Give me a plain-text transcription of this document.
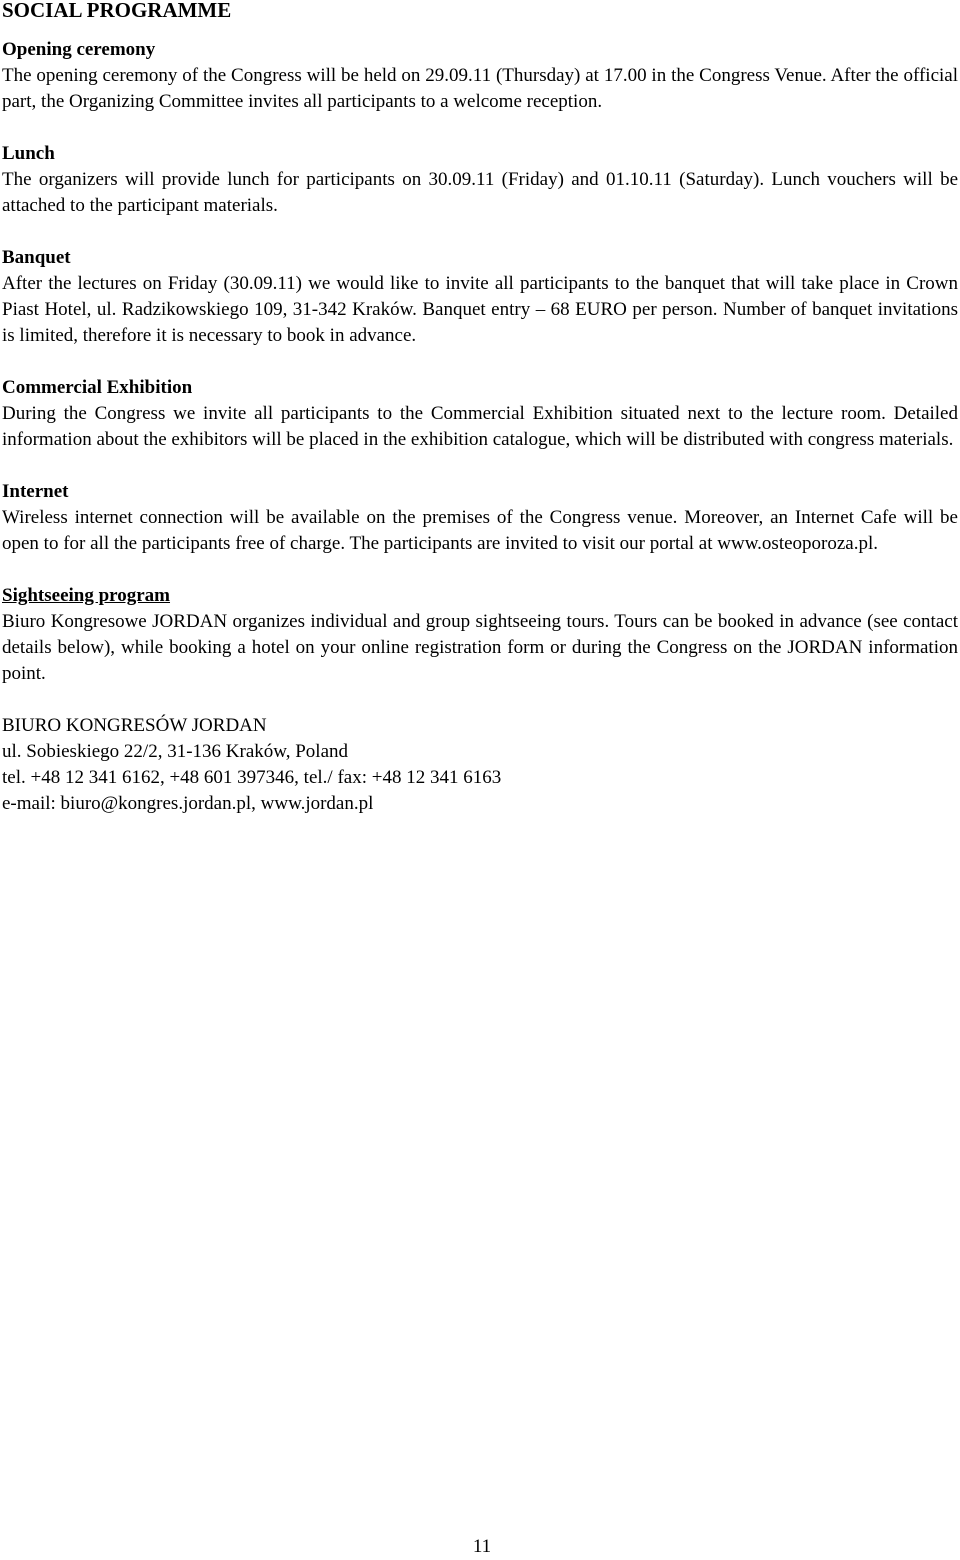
SOCIAL PROGRAMME
Opening ceremony

The opening ceremony of the Congress will be held on 29.09.11 (Thursday) at 17.00 in the Congress Venue. After the official part, the Organizing Committee invites all participants to a welcome reception.

Lunch

The organizers will provide lunch for participants on 30.09.11 (Friday) and 01.10.11 (Saturday). Lunch vouchers will be attached to the participant materials.

Banquet

After the lectures on Friday (30.09.11) we would like to invite all participants to the banquet that will take place in Crown Piast Hotel, ul. Radzikowskiego 109, 31-342 Kraków. Banquet entry – 68 EURO per person. Number of banquet invitations is limited, therefore it is necessary to book in advance.

Commercial Exhibition

During the Congress we invite all participants to the Commercial Exhibition situated next to the lecture room. Detailed information about the exhibitors will be placed in the exhibition catalogue, which will be distributed with congress materials.

Internet

Wireless internet connection will be available on the premises of the Congress venue. Moreover, an Internet Cafe will be open to for all the participants free of charge. The participants are invited to visit our portal at www.osteoporoza.pl.

Sightseeing program

Biuro Kongresowe JORDAN organizes individual and group sightseeing tours. Tours can be booked in advance (see contact details below), while booking a hotel on your online registration form or during the Congress on the JORDAN information point.

BIURO KONGRESÓW JORDAN
ul. Sobieskiego 22/2, 31-136 Kraków, Poland
tel. +48 12 341 6162, +48 601 397346, tel./ fax: +48 12 341 6163
e-mail: biuro@kongres.jordan.pl, www.jordan.pl
11
